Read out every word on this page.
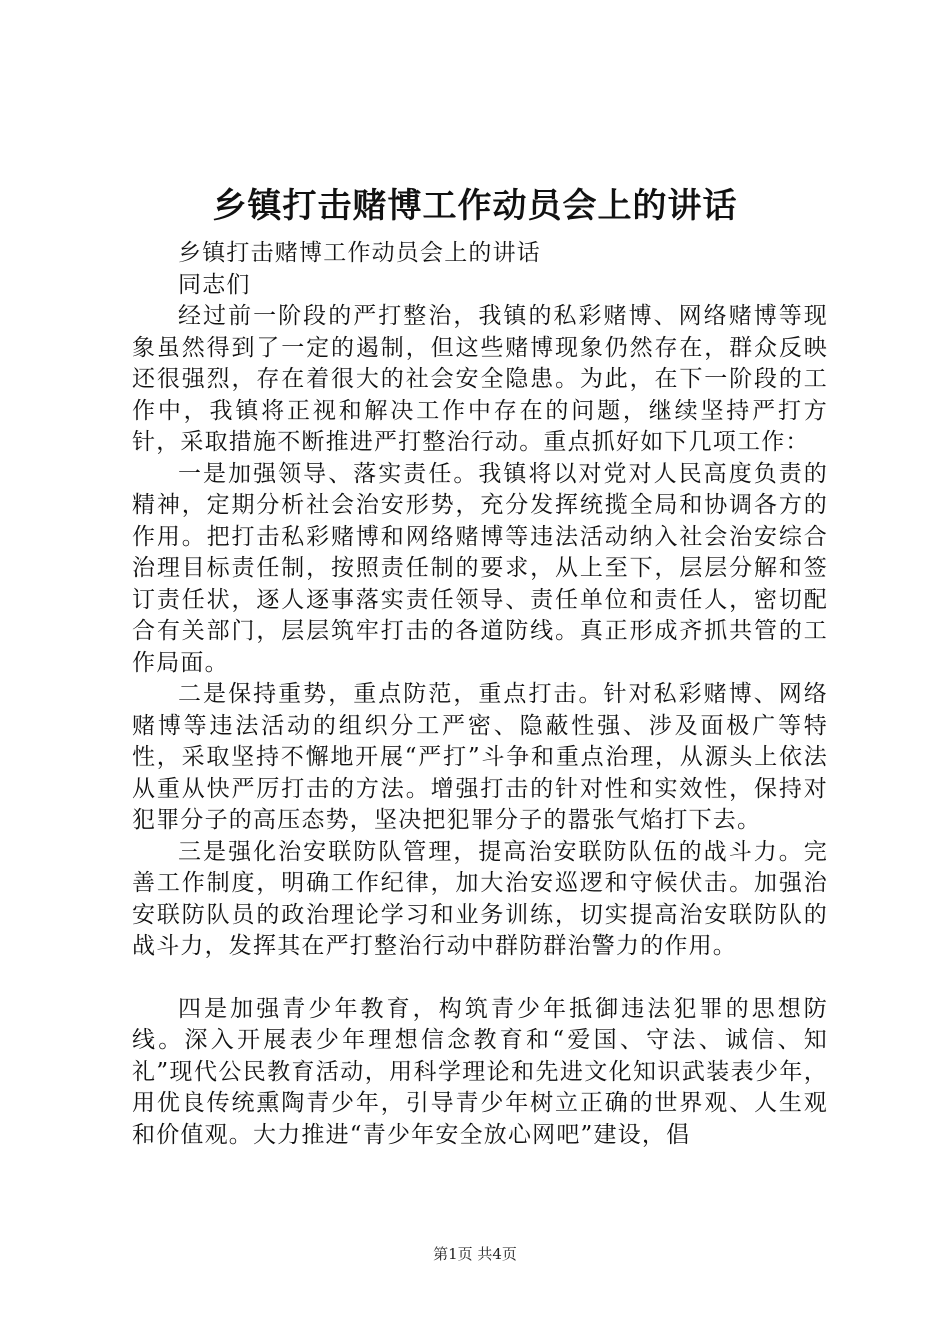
乡镇打击赌博工作动员会上的讲话

乡镇打击赌博工作动员会上的讲话

同志们

经过前一阶段的严打整治，我镇的私彩赌博、网络赌博等现象虽然得到了一定的遏制，但这些赌博现象仍然存在，群众反映还很强烈，存在着很大的社会安全隐患。为此，在下一阶段的工作中，我镇将正视和解决工作中存在的问题，继续坚持严打方针，采取措施不断推进严打整治行动。重点抓好如下几项工作：

一是加强领导、落实责任。我镇将以对党对人民高度负责的精神，定期分析社会治安形势，充分发挥统揽全局和协调各方的作用。把打击私彩赌博和网络赌博等违法活动纳入社会治安综合治理目标责任制，按照责任制的要求，从上至下，层层分解和签订责任状，逐人逐事落实责任领导、责任单位和责任人，密切配合有关部门，层层筑牢打击的各道防线。真正形成齐抓共管的工作局面。

二是保持重势，重点防范，重点打击。针对私彩赌博、网络赌博等违法活动的组织分工严密、隐蔽性强、涉及面极广等特性，采取坚持不懈地开展“严打”斗争和重点治理，从源头上依法从重从快严厉打击的方法。增强打击的针对性和实效性，保持对犯罪分子的高压态势，坚决把犯罪分子的嚣张气焰打下去。

三是强化治安联防队管理，提高治安联防队伍的战斗力。完善工作制度，明确工作纪律，加大治安巡逻和守候伏击。加强治安联防队员的政治理论学习和业务训练，切实提高治安联防队的战斗力，发挥其在严打整治行动中群防群治警力的作用。

四是加强青少年教育，构筑青少年抵御违法犯罪的思想防线。深入开展表少年理想信念教育和“爱国、守法、诚信、知礼”现代公民教育活动，用科学理论和先进文化知识武装表少年，用优良传统熏陶青少年，引导青少年树立正确的世界观、人生观和价值观。大力推进“青少年安全放心网吧”建设，倡

第1页 共4页
